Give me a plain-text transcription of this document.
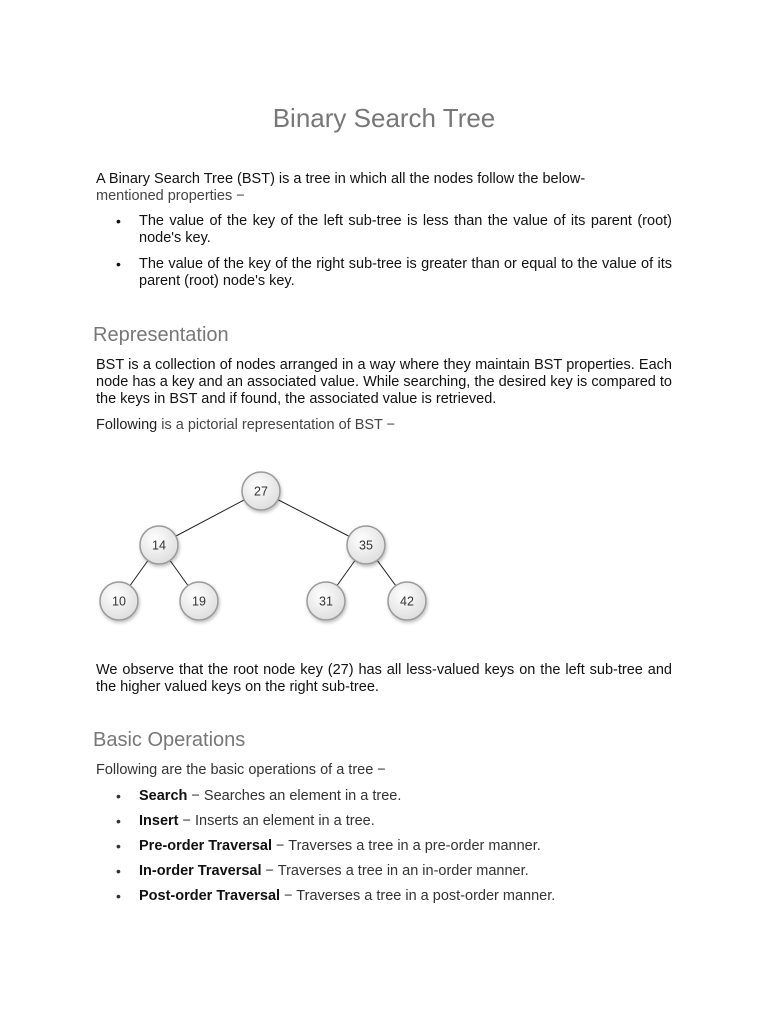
Binary Search Tree

A Binary Search Tree (BST) is a tree in which all the nodes follow the below-
mentioned properties −

• The value of the key of the left sub-tree is less than the value of its parent (root) node's key.
• The value of the key of the right sub-tree is greater than or equal to the value of its parent (root) node's key.
Representation

BST is a collection of nodes arranged in a way where they maintain BST properties. Each node has a key and an associated value. While searching, the desired key is compared to the keys in BST and if found, the associated value is retrieved.

Following is a pictorial representation of BST −

27
14	35
10	19	31	42

We observe that the root node key (27) has all less-valued keys on the left sub-tree and the higher valued keys on the right sub-tree.

Basic Operations

Following are the basic operations of a tree −

• Search − Searches an element in a tree.
• Insert − Inserts an element in a tree.
• Pre-order Traversal − Traverses a tree in a pre-order manner.
• In-order Traversal − Traverses a tree in an in-order manner.
• Post-order Traversal − Traverses a tree in a post-order manner.
